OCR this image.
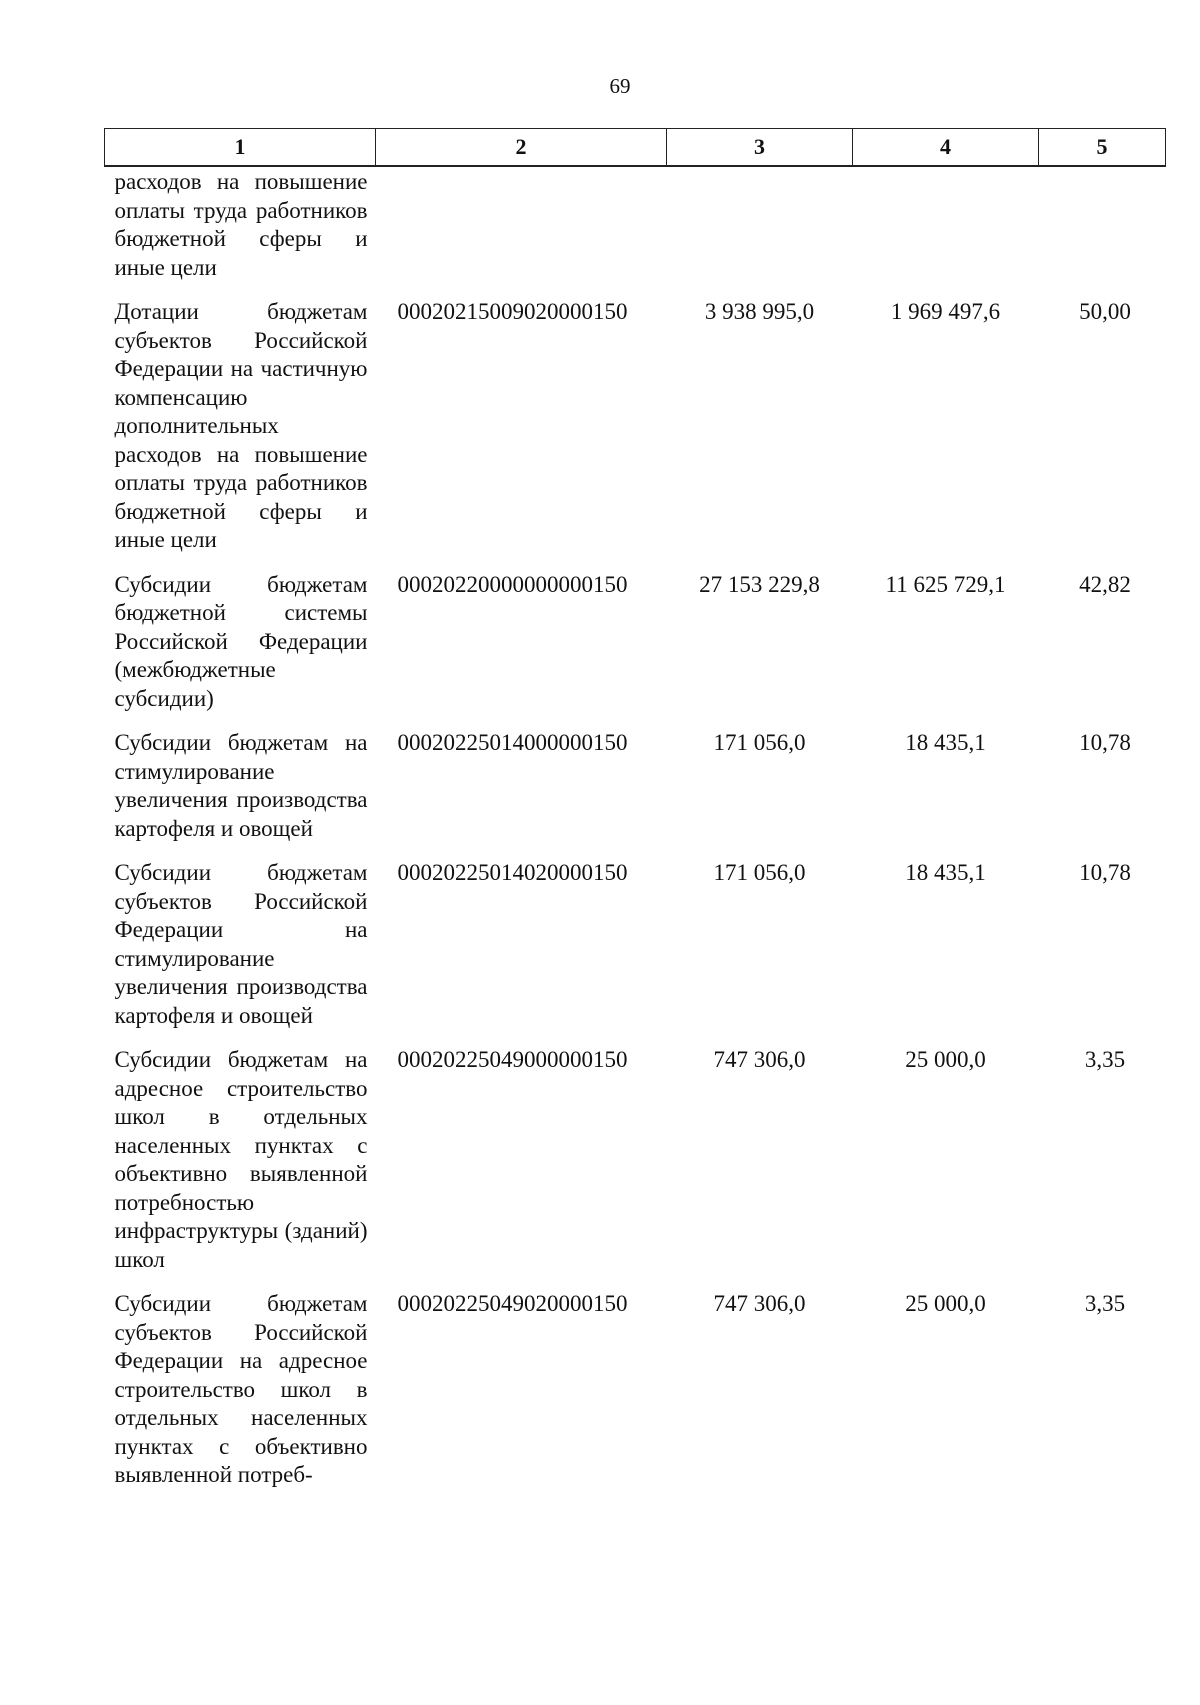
69
1	2	3	4	5
расходов на повышение оплаты труда работников бюджетной сферы и иные цели				
Дотации бюджетам субъектов Российской Федерации на частичную компенсацию дополнительных расходов на повышение оплаты труда работников бюджетной сферы и иные цели	00020215009020000150	3 938 995,0	1 969 497,6	50,00
Субсидии бюджетам бюджетной системы Российской Федерации (межбюджетные субсидии)	00020220000000000150	27 153 229,8	11 625 729,1	42,82
Субсидии бюджетам на стимулирование увеличения производства картофеля и овощей	00020225014000000150	171 056,0	18 435,1	10,78
Субсидии бюджетам субъектов Российской Федерации на стимулирование увеличения производства картофеля и овощей	00020225014020000150	171 056,0	18 435,1	10,78
Субсидии бюджетам на адресное строительство школ в отдельных населенных пунктах с объективно выявленной потребностью инфраструктуры (зданий) школ	00020225049000000150	747 306,0	25 000,0	3,35
Субсидии бюджетам субъектов Российской Федерации на адресное строительство школ в отдельных населенных пунктах с объективно выявленной потреб-	00020225049020000150	747 306,0	25 000,0	3,35
